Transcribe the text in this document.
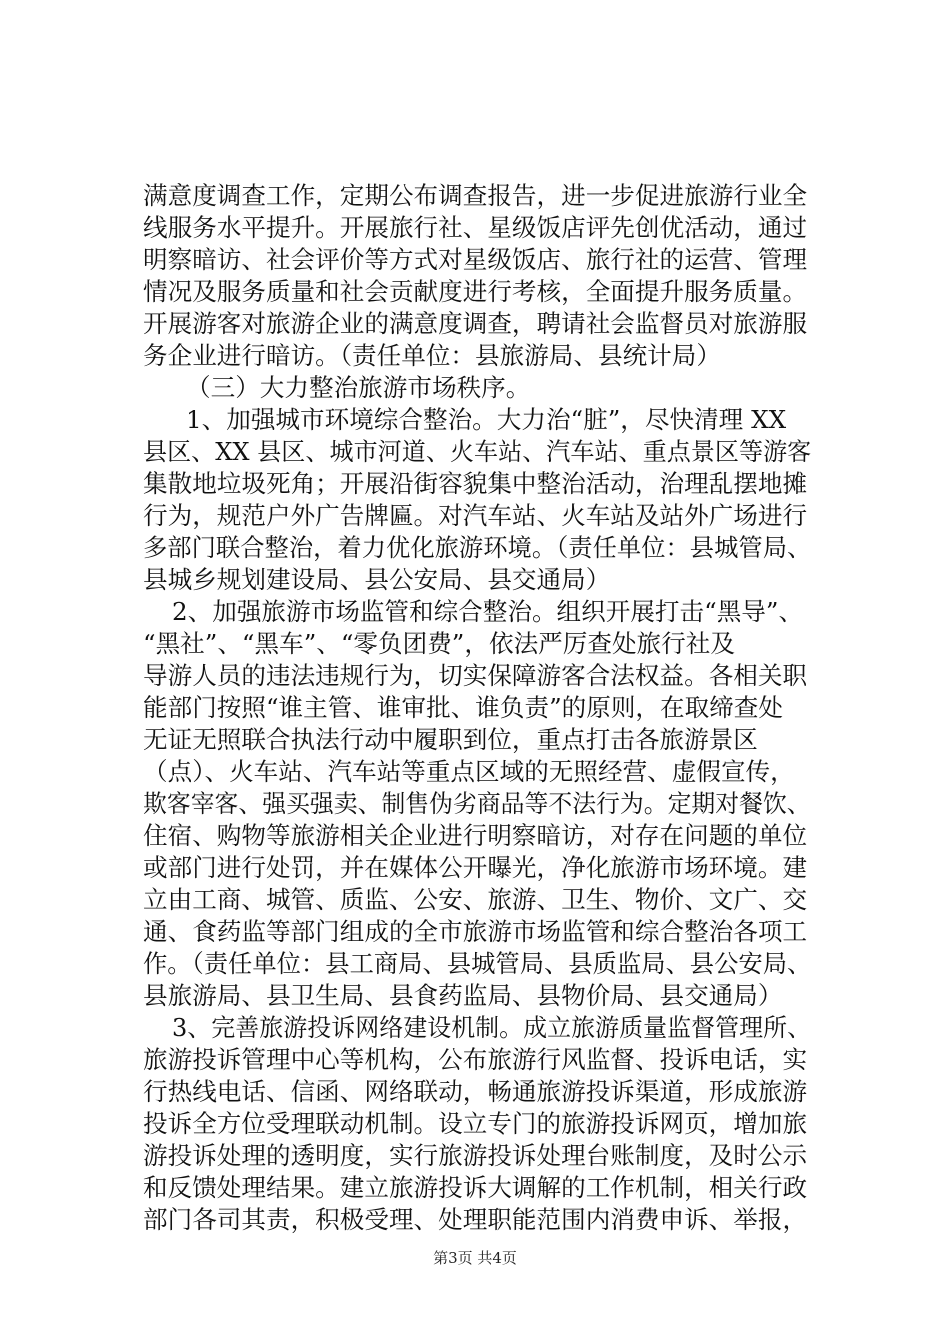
满意度调查工作，定期公布调查报告，进一步促进旅游行业全
线服务水平提升。开展旅行社、星级饭店评先创优活动，通过
明察暗访、社会评价等方式对星级饭店、旅行社的运营、管理
情况及服务质量和社会贡献度进行考核，全面提升服务质量。
开展游客对旅游企业的满意度调查，聘请社会监督员对旅游服
务企业进行暗访。（责任单位：县旅游局、县统计局）
（三）大力整治旅游市场秩序。
1、加强城市环境综合整治。大力治“脏”，尽快清理 XX
县区、XX 县区、城市河道、火车站、汽车站、重点景区等游客
集散地垃圾死角；开展沿街容貌集中整治活动，治理乱摆地摊
行为，规范户外广告牌匾。对汽车站、火车站及站外广场进行
多部门联合整治，着力优化旅游环境。（责任单位：县城管局、
县城乡规划建设局、县公安局、县交通局）
2、加强旅游市场监管和综合整治。组织开展打击“黑导”、
“黑社”、“黑车”、“零负团费”，依法严厉查处旅行社及
导游人员的违法违规行为，切实保障游客合法权益。各相关职
能部门按照“谁主管、谁审批、谁负责”的原则，在取缔查处
无证无照联合执法行动中履职到位，重点打击各旅游景区
（点）、火车站、汽车站等重点区域的无照经营、虚假宣传，
欺客宰客、强买强卖、制售伪劣商品等不法行为。定期对餐饮、
住宿、购物等旅游相关企业进行明察暗访，对存在问题的单位
或部门进行处罚，并在媒体公开曝光，净化旅游市场环境。建
立由工商、城管、质监、公安、旅游、卫生、物价、文广、交
通、食药监等部门组成的全市旅游市场监管和综合整治各项工
作。（责任单位：县工商局、县城管局、县质监局、县公安局、
县旅游局、县卫生局、县食药监局、县物价局、县交通局）
3、完善旅游投诉网络建设机制。成立旅游质量监督管理所、
旅游投诉管理中心等机构，公布旅游行风监督、投诉电话，实
行热线电话、信函、网络联动，畅通旅游投诉渠道，形成旅游
投诉全方位受理联动机制。设立专门的旅游投诉网页，增加旅
游投诉处理的透明度，实行旅游投诉处理台账制度，及时公示
和反馈处理结果。建立旅游投诉大调解的工作机制，相关行政
部门各司其责，积极受理、处理职能范围内消费申诉、举报，
第3页 共4页
